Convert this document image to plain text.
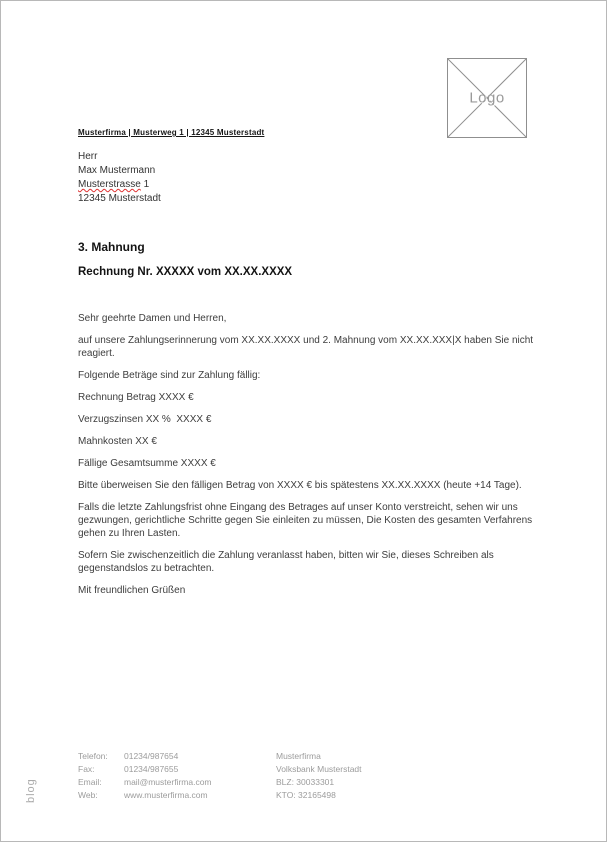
Logo
Musterfirma | Musterweg 1 | 12345 Musterstadt
Herr
Max Mustermann
Musterstrasse 1
12345 Musterstadt
3. Mahnung
Rechnung Nr. XXXXX vom XX.XX.XXXX

Sehr geehrte Damen und Herren,

auf unsere Zahlungserinnerung vom XX.XX.XXXX und 2. Mahnung vom XX.XX.XXX|X haben Sie nicht reagiert.

Folgende Beträge sind zur Zahlung fällig:

Rechnung Betrag XXXX €

Verzugszinsen XX %  XXXX €

Mahnkosten XX €

Fällige Gesamtsumme XXXX €

Bitte überweisen Sie den fälligen Betrag von XXXX € bis spätestens XX.XX.XXXX (heute +14 Tage).

Falls die letzte Zahlungsfrist ohne Eingang des Betrages auf unser Konto verstreicht, sehen wir uns gezwungen, gerichtliche Schritte gegen Sie einleiten zu müssen, Die Kosten des gesamten Verfahrens gehen zu Ihren Lasten.

Sofern Sie zwischenzeitlich die Zahlung veranlasst haben, bitten wir Sie, dieses Schreiben als gegenstandslos zu betrachten.

Mit freundlichen Grüßen

Telefon: 01234/987654
Fax:	01234/987655
Email:	mail@musterfirma.com
Web:	www.musterfirma.com
Musterfirma
Volksbank Musterstadt
BLZ: 30033301
KTO: 32165498
blog
